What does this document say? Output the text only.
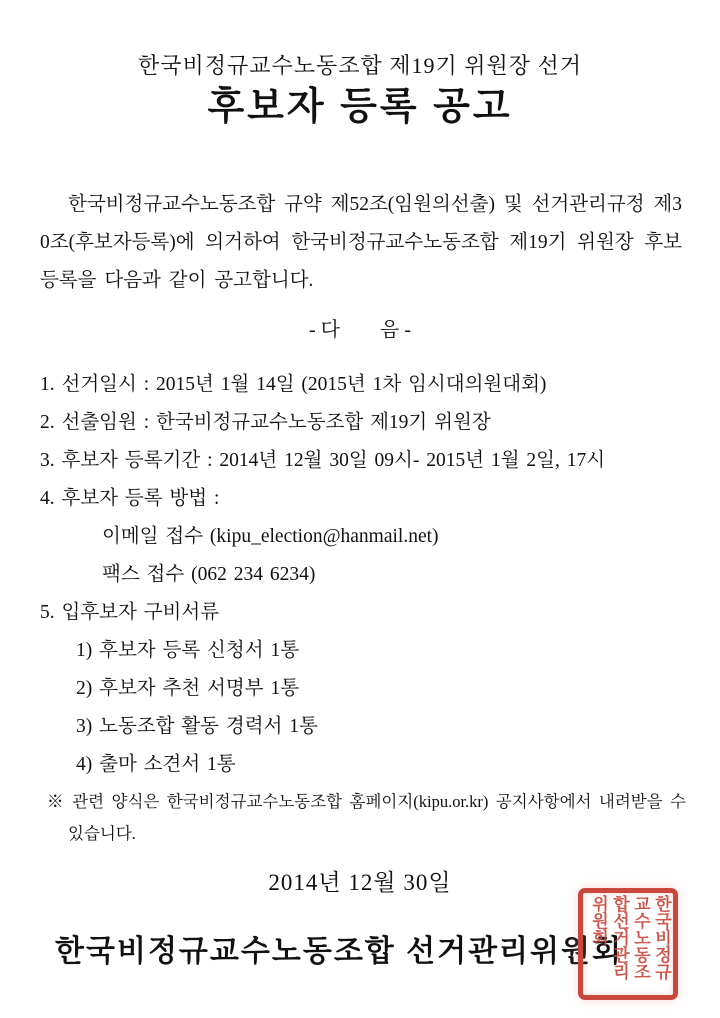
한국비정규교수노동조합 제19기 위원장 선거
후보자 등록 공고
한국비정규교수노동조합 규약 제52조(임원의선출) 및 선거관리규정 제30조(후보자등록)에 의거하여 한국비정규교수노동조합 제19기 위원장 후보등록을 다음과 같이 공고합니다.
- 다        음 -
1. 선거일시 : 2015년 1월 14일 (2015년 1차 임시대의원대회)
2. 선출임원 : 한국비정규교수노동조합 제19기 위원장
3. 후보자 등록기간 : 2014년 12월 30일 09시- 2015년 1월 2일, 17시
4. 후보자 등록 방법 :
이메일 접수 (kipu_election@hanmail.net)
팩스 접수 (062 234 6234)
5. 입후보자 구비서류
1) 후보자 등록 신청서 1통
2) 후보자 추천 서명부 1통
3) 노동조합 활동 경력서 1통
4) 출마 소견서 1통
※ 관련 양식은 한국비정규교수노동조합 홈페이지(kipu.or.kr) 공지사항에서 내려받을 수 있습니다.
2014년 12월 30일
한국비정규교수노동조합 선거관리위원회	한국비정규교수노동조합선거관리위원회
